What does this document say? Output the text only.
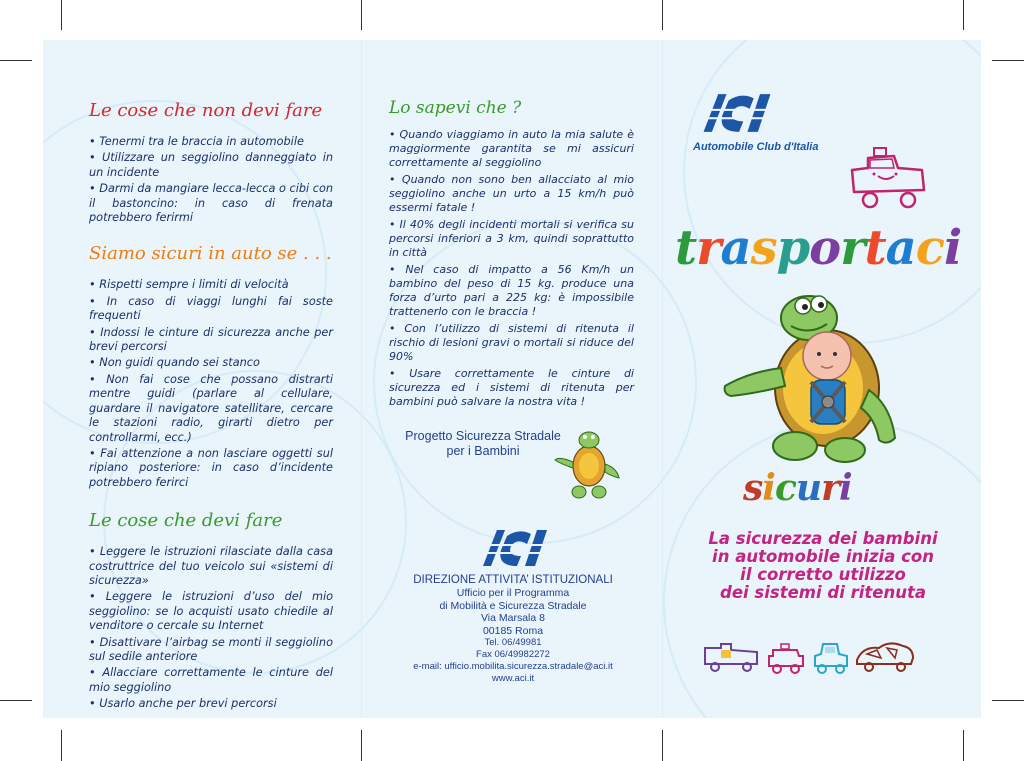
Le cose che non devi fare

• Tenermi tra le braccia in automobile
• Utilizzare un seggiolino danneggiato in un incidente
• Darmi da mangiare lecca-lecca o cibi con il bastoncino: in caso di frenata potrebbero ferirmi

Siamo sicuri in auto se . . .

• Rispetti sempre i limiti di velocità
• In caso di viaggi lunghi fai soste frequenti
• Indossi le cinture di sicurezza anche per brevi percorsi
• Non guidi quando sei stanco
• Non fai cose che possano distrarti mentre guidi (parlare al cellulare, guardare il navigatore satellitare, cercare le stazioni radio, girarti dietro per controllarmi, ecc.)
• Fai attenzione a non lasciare oggetti sul ripiano posteriore: in caso d’incidente potrebbero ferirci

Le cose che devi fare

• Leggere le istruzioni rilasciate dalla casa costruttrice del tuo veicolo sui «sistemi di sicurezza»
• Leggere le istruzioni d’uso del mio seggiolino: se lo acquisti usato chiedile al venditore o cercale su Internet
• Disattivare l’airbag se monti il seggiolino sul sedile anteriore
• Allacciare correttamente le cinture del mio seggiolino
• Usarlo anche per brevi percorsi

Lo sapevi che ?

• Quando viaggiamo in auto la mia salute è maggiormente garantita se mi assicuri correttamente al seggiolino
• Quando non sono ben allacciato al mio seggiolino anche un urto a 15 km/h può essermi fatale !
• Il 40% degli incidenti mortali si verifica su percorsi inferiori a 3 km, quindi soprattutto in città
• Nel caso di impatto a 56 Km/h un bambino del peso di 15 kg. produce una forza d’urto pari a 225 kg: è impossibile trattenerlo con le braccia !
• Con l’utilizzo di sistemi di ritenuta il rischio di lesioni gravi o mortali si riduce del 90%
• Usare correttamente le cinture di sicurezza ed i sistemi di ritenuta per bambini può salvare la nostra vita !
Progetto Sicurezza Stradale
per i Bambini

DIREZIONE ATTIVITA’ ISTITUZIONALI

Ufficio per il Programma

di Mobilità e Sicurezza Stradale

Via Marsala 8

00185 Roma

Tel. 06/49981

Fax 06/49982272

e-mail: ufficio.mobilita.sicurezza.stradale@aci.it

www.aci.it

Automobile Club d'Italia
trasportaci
sicuri

La sicurezza dei bambini

in automobile inizia con

il corretto utilizzo

dei sistemi di ritenuta
